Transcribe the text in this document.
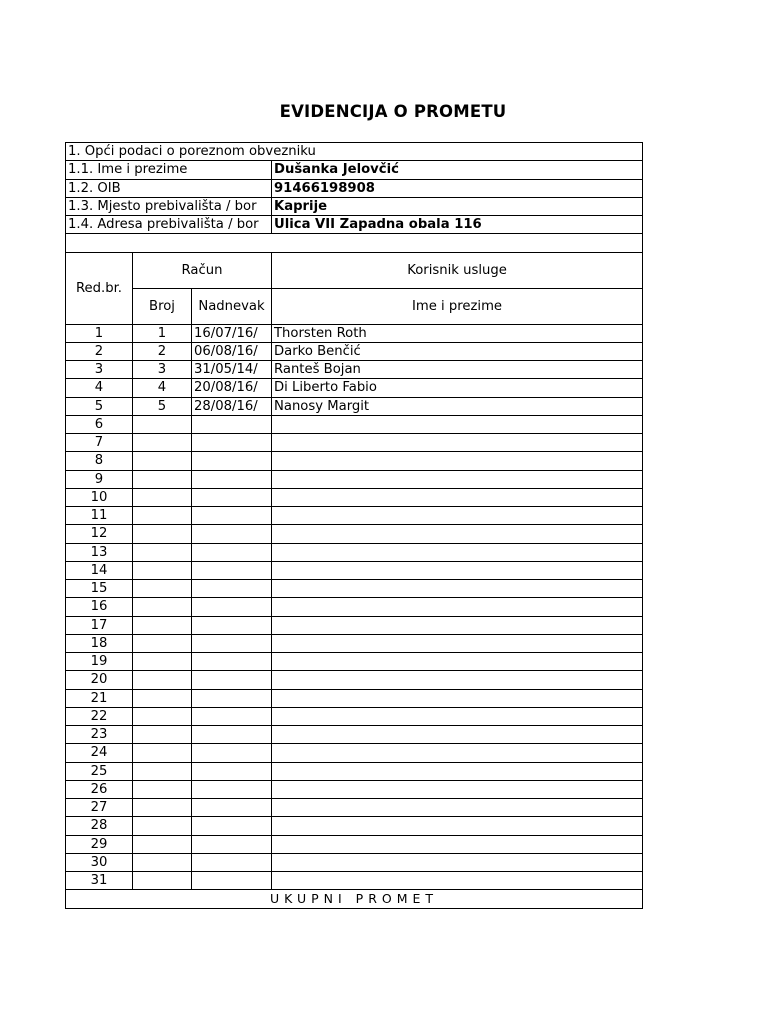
EVIDENCIJA O PROMETU
1. Opći podaci o poreznom obvezniku			
1.1. Ime i prezime			Dušanka Jelovčić
1.2. OIB			91466198908
1.3. Mjesto prebivališta / bor			Kaprije
1.4. Adresa prebivališta / bor			Ulica VII Zapadna obala 116

Red.br.	Račun		Korisnik usluge
	Broj	Nadnevak	Ime i prezime
1	1	16/07/16/	Thorsten Roth
2	2	06/08/16/	Darko Benčić
3	3	31/05/14/	Ranteš Bojan
4	4	20/08/16/	Di Liberto Fabio
5	5	28/08/16/	Nanosy Margit
6			
7			
8			
9			
10			
11			
12			
13			
14			
15			
16			
17			
18			
19			
20			
21			
22			
23			
24			
25			
26			
27			
28			
29			
30			
31			
UKUPNI PROMET			
